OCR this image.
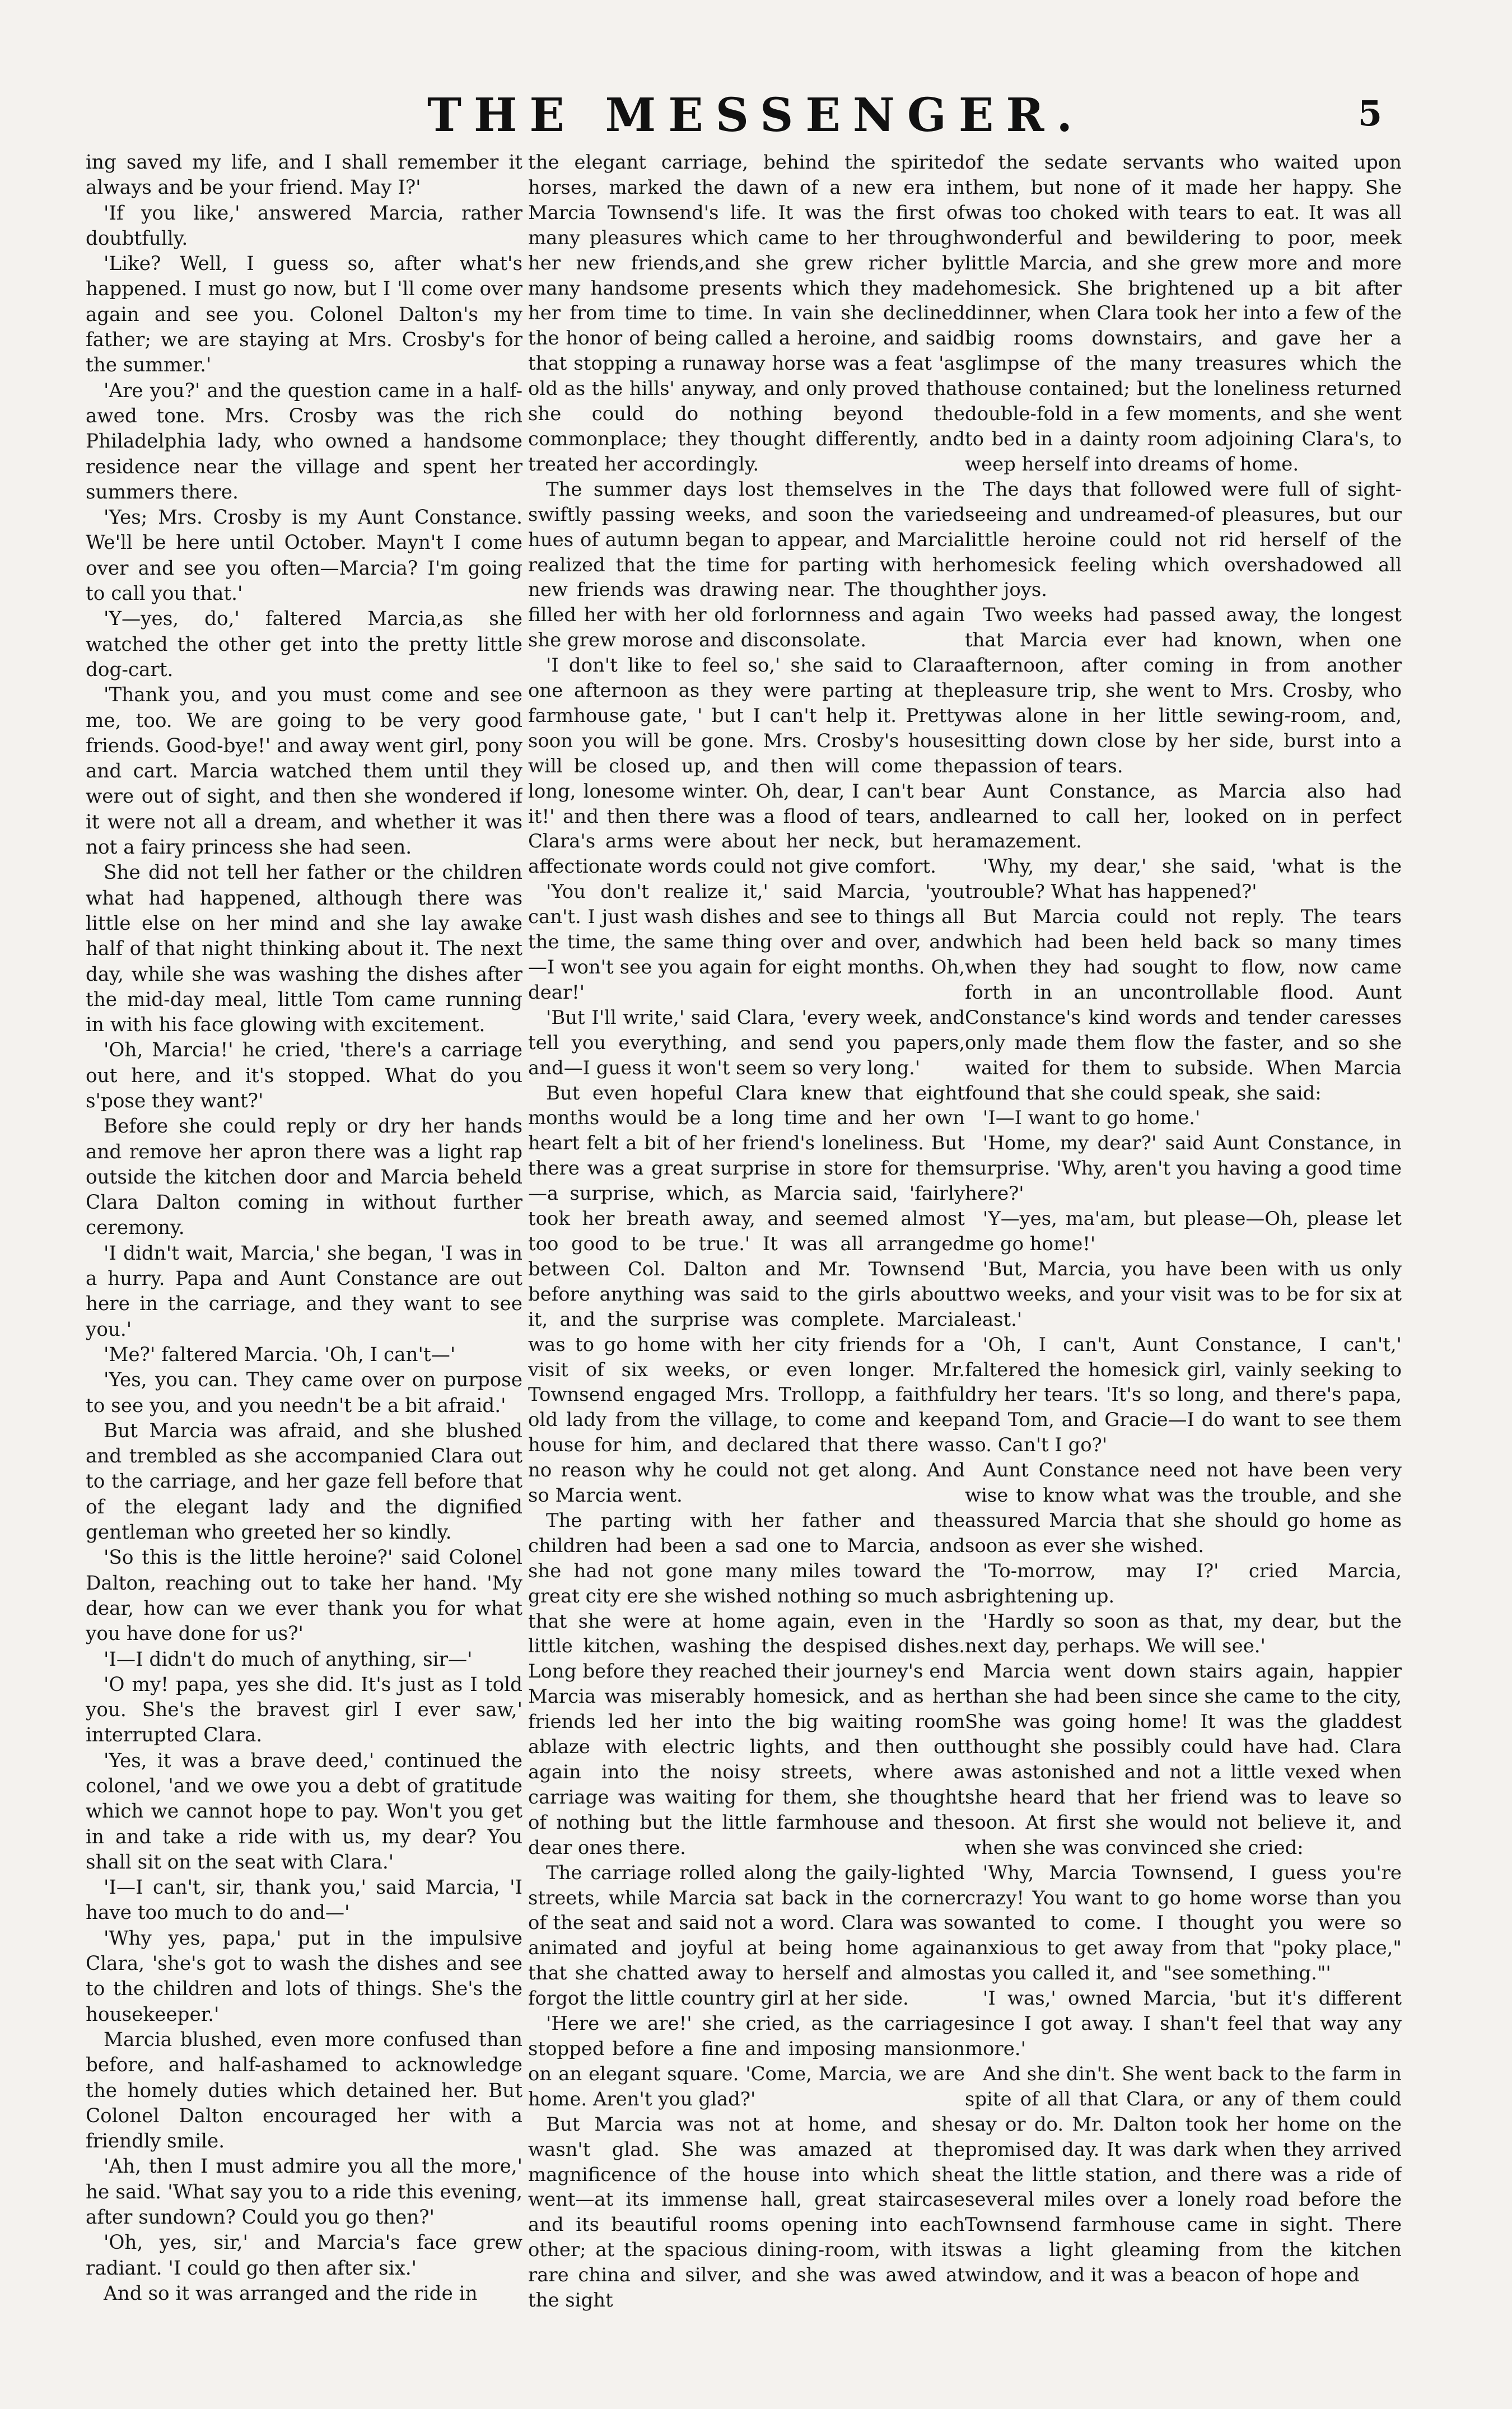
THE MESSENGER.	5

ing saved my life, and I shall remember it always and be your friend. May I?'

'If you like,' answered Marcia, rather doubtfully.

'Like? Well, I guess so, after what's happened. I must go now, but I 'll come over again and see you. Colonel Dalton's my father; we are staying at Mrs. Crosby's for the summer.'

'Are you?' and the question came in a half-awed tone. Mrs. Crosby was the rich Philadelphia lady, who owned a handsome residence near the village and spent her summers there.

'Yes; Mrs. Crosby is my Aunt Constance. We'll be here until October. Mayn't I come over and see you often—Marcia? I'm going to call you that.'

'Y—yes, do,' faltered Marcia,as she watched the other get into the pretty little dog-cart.

'Thank you, and you must come and see me, too. We are going to be very good friends. Good-bye!' and away went girl, pony and cart. Marcia watched them until they were out of sight, and then she wondered if it were not all a dream, and whether it was not a fairy princess she had seen.

She did not tell her father or the children what had happened, although there was little else on her mind and she lay awake half of that night thinking about it. The next day, while she was washing the dishes after the mid-day meal, little Tom came running in with his face glowing with excitement.

'Oh, Marcia!' he cried, 'there's a carriage out here, and it's stopped. What do you s'pose they want?'

Before she could reply or dry her hands and remove her apron there was a light rap outside the kitchen door and Marcia beheld Clara Dalton coming in without further ceremony.

'I didn't wait, Marcia,' she began, 'I was in a hurry. Papa and Aunt Constance are out here in the carriage, and they want to see you.'

'Me?' faltered Marcia. 'Oh, I can't—'

'Yes, you can. They came over on purpose to see you, and you needn't be a bit afraid.'

But Marcia was afraid, and she blushed and trembled as she accompanied Clara out to the carriage, and her gaze fell before that of the elegant lady and the dignified gentleman who greeted her so kindly.

'So this is the little heroine?' said Colonel Dalton, reaching out to take her hand. 'My dear, how can we ever thank you for what you have done for us?'

'I—I didn't do much of anything, sir—'

'O my! papa, yes she did. It's just as I told you. She's the bravest girl I ever saw,' interrupted Clara.

'Yes, it was a brave deed,' continued the colonel, 'and we owe you a debt of gratitude which we cannot hope to pay. Won't you get in and take a ride with us, my dear? You shall sit on the seat with Clara.'

'I—I can't, sir, thank you,' said Marcia, 'I have too much to do and—'

'Why yes, papa,' put in the impulsive Clara, 'she's got to wash the dishes and see to the children and lots of things. She's the housekeeper.'

Marcia blushed, even more confused than before, and half-ashamed to acknowledge the homely duties which detained her. But Colonel Dalton encouraged her with a friendly smile.

'Ah, then I must admire you all the more,' he said. 'What say you to a ride this evening, after sundown? Could you go then?'

'Oh, yes, sir,' and Marcia's face grew radiant. 'I could go then after six.'

And so it was arranged and the ride in

the elegant carriage, behind the spirited horses, marked the dawn of a new era in Marcia Townsend's life. It was the first of many pleasures which came to her through her new friends,and she grew richer by many handsome presents which they made her from time to time. In vain she declined the honor of being called a heroine, and said that stopping a runaway horse was a feat 'as old as the hills' anyway, and only proved that she could do nothing beyond the commonplace; they thought differently, and treated her accordingly.

The summer days lost themselves in the swiftly passing weeks, and soon the varied hues of autumn began to appear, and Marcia realized that the time for parting with her new friends was drawing near. The thought filled her with her old forlornness and again she grew morose and disconsolate.

'I don't like to feel so,' she said to Clara one afternoon as they were parting at the farmhouse gate, ' but I can't help it. Pretty soon you will be gone. Mrs. Crosby's house will be closed up, and then will come the long, lonesome winter. Oh, dear, I can't bear it!' and then there was a flood of tears, and Clara's arms were about her neck, but her affectionate words could not give comfort.

'You don't realize it,' said Marcia, 'you can't. I just wash dishes and see to things all the time, the same thing over and over, and—I won't see you again for eight months. Oh, dear!'

'But I'll write,' said Clara, 'every week, and tell you everything, and send you papers, and—I guess it won't seem so very long.'

But even hopeful Clara knew that eight months would be a long time and her own heart felt a bit of her friend's loneliness. But there was a great surprise in store for them—a surprise, which, as Marcia said, 'fairly took her breath away, and seemed almost too good to be true.' It was all arranged between Col. Dalton and Mr. Townsend before anything was said to the girls about it, and the surprise was complete. Marcia was to go home with her city friends for a visit of six weeks, or even longer. Mr. Townsend engaged Mrs. Trollopp, a faithful old lady from the village, to come and keep house for him, and declared that there was no reason why he could not get along. And so Marcia went.

The parting with her father and the children had been a sad one to Marcia, and she had not gone many miles toward the great city ere she wished nothing so much as that she were at home again, even in the little kitchen, washing the despised dishes. Long before they reached their journey's end Marcia was miserably homesick, and as her friends led her into the big waiting room ablaze with electric lights, and then out again into the noisy streets, where a carriage was waiting for them, she thought of nothing but the little farmhouse and the dear ones there.

The carriage rolled along the gaily-lighted streets, while Marcia sat back in the corner of the seat and said not a word. Clara was so animated and joyful at being home again that she chatted away to herself and almost forgot the little country girl at her side.

'Here we are!' she cried, as the carriage stopped before a fine and imposing mansion on an elegant square. 'Come, Marcia, we are home. Aren't you glad?'

But Marcia was not at home, and she wasn't glad. She was amazed at the magnificence of the house into which she went—at its immense hall, great staircase and its beautiful rooms opening into each other; at the spacious dining-room, with its rare china and silver, and she was awed at the sight

of the sedate servants who waited upon them, but none of it made her happy. She was too choked with tears to eat. It was all wonderful and bewildering to poor, meek little Marcia, and she grew more and more homesick. She brightened up a bit after dinner, when Clara took her into a few of the big rooms downstairs, and gave her a glimpse of the many treasures which the house contained; but the loneliness returned double-fold in a few moments, and she went to bed in a dainty room adjoining Clara's, to weep herself into dreams of home.

The days that followed were full of sight-seeing and undreamed-of pleasures, but our little heroine could not rid herself of the homesick feeling which overshadowed all her joys.

Two weeks had passed away, the longest that Marcia ever had known, when one afternoon, after coming in from another pleasure trip, she went to Mrs. Crosby, who was alone in her little sewing-room, and, sitting down close by her side, burst into a passion of tears.

Aunt Constance, as Marcia also had learned to call her, looked on in perfect amazement.

'Why, my dear,' she said, 'what is the trouble? What has happened?'

But Marcia could not reply. The tears which had been held back so many times when they had sought to flow, now came forth in an uncontrollable flood. Aunt Constance's kind words and tender caresses only made them flow the faster, and so she waited for them to subside. When Marcia found that she could speak, she said:

'I—I want to go home.'

'Home, my dear?' said Aunt Constance, in surprise. 'Why, aren't you having a good time here?'

'Y—yes, ma'am, but please—Oh, please let me go home!'

'But, Marcia, you have been with us only two weeks, and your visit was to be for six at least.'

'Oh, I can't, Aunt Constance, I can't,' faltered the homesick girl, vainly seeking to dry her tears. 'It's so long, and there's papa, and Tom, and Gracie—I do want to see them so. Can't I go?'

Aunt Constance need not have been very wise to know what was the trouble, and she assured Marcia that she should go home as soon as ever she wished.

'To-morrow, may I?' cried Marcia, brightening up.

'Hardly so soon as that, my dear, but the next day, perhaps. We will see.'

Marcia went down stairs again, happier than she had been since she came to the city, She was going home! It was the gladdest thought she possibly could have had. Clara was astonished and not a little vexed when she heard that her friend was to leave so soon. At first she would not believe it, and when she was convinced she cried:

'Why, Marcia Townsend, I guess you're crazy! You want to go home worse than you wanted to come. I thought you were so anxious to get away from that "poky place," as you called it, and "see something."'

'I was,' owned Marcia, 'but it's different since I got away. I shan't feel that way any more.'

And she din't. She went back to the farm in spite of all that Clara, or any of them could say or do. Mr. Dalton took her home on the promised day. It was dark when they arrived at the little station, and there was a ride of several miles over a lonely road before the Townsend farmhouse came in sight. There was a light gleaming from the kitchen window, and it was a beacon of hope and
